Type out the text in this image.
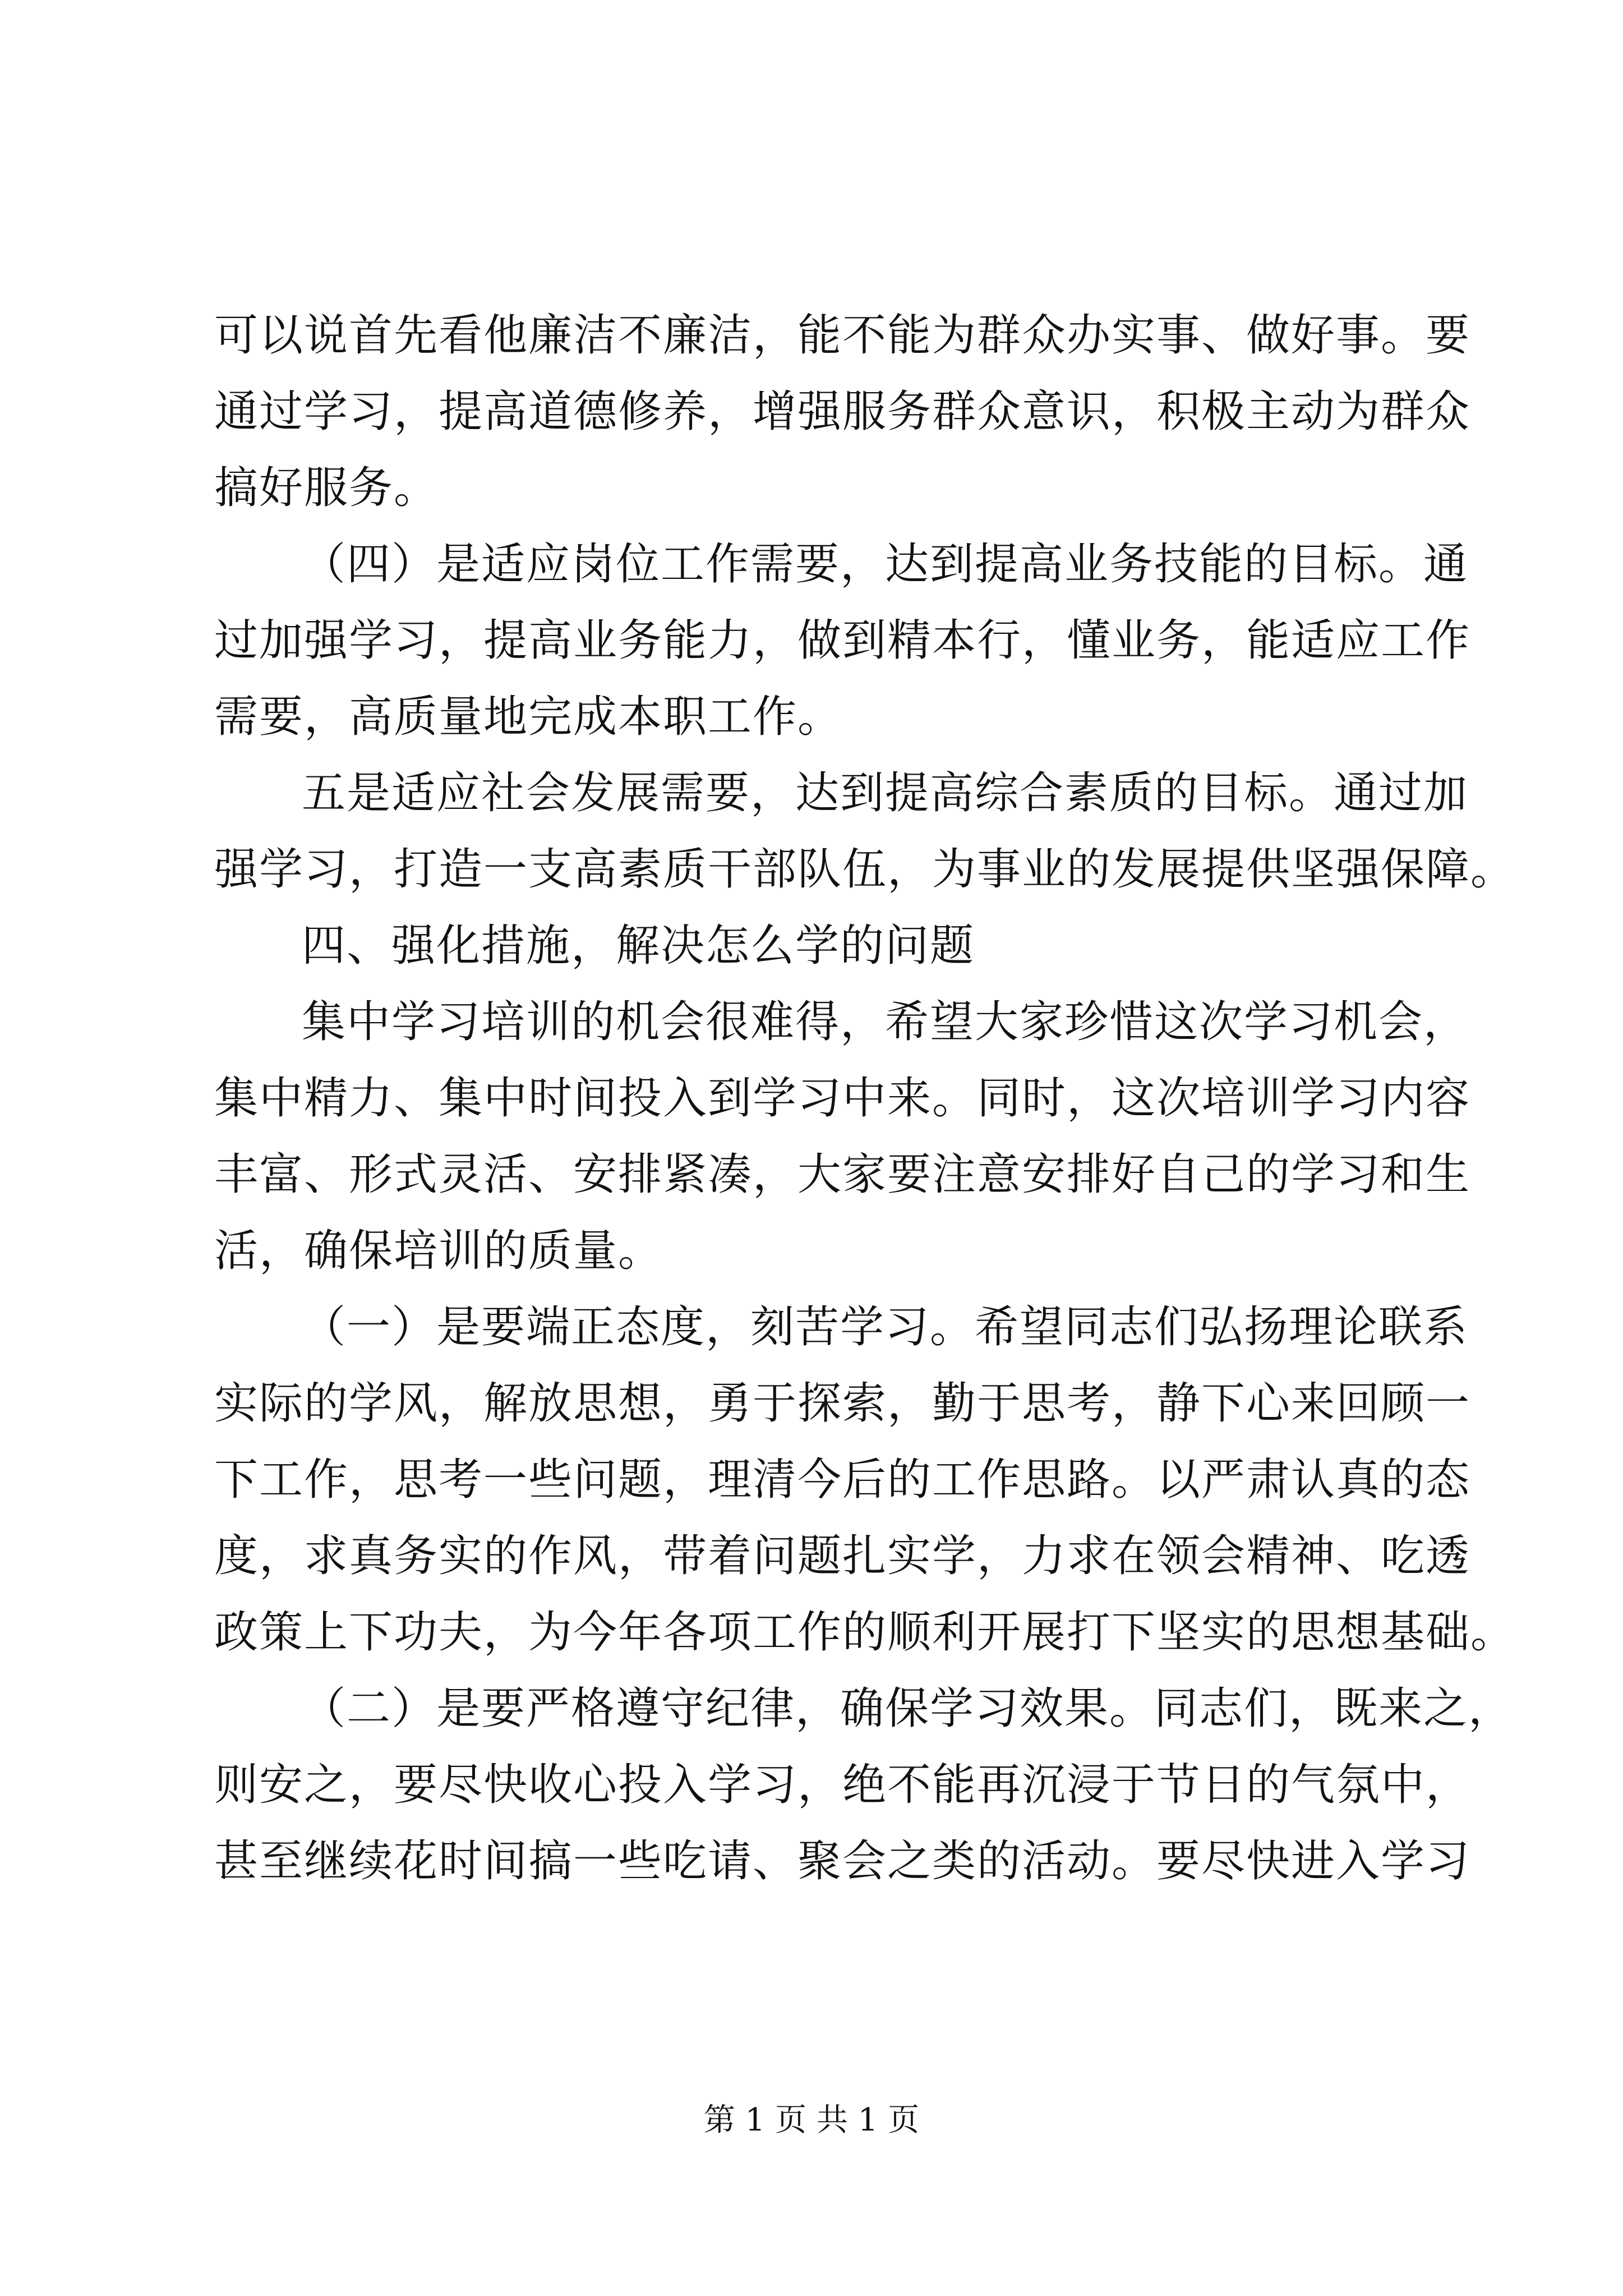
可以说首先看他廉洁不廉洁，能不能为群众办实事、做好事。要
通过学习，提高道德修养，增强服务群众意识，积极主动为群众
搞好服务。
（四）是适应岗位工作需要，达到提高业务技能的目标。通
过加强学习，提高业务能力，做到精本行，懂业务，能适应工作
需要，高质量地完成本职工作。
五是适应社会发展需要，达到提高综合素质的目标。通过加
强学习，打造一支高素质干部队伍，为事业的发展提供坚强保障。
四、强化措施，解决怎么学的问题
集中学习培训的机会很难得，希望大家珍惜这次学习机会，
集中精力、集中时间投入到学习中来。同时，这次培训学习内容
丰富、形式灵活、安排紧凑，大家要注意安排好自己的学习和生
活，确保培训的质量。
（一）是要端正态度，刻苦学习。希望同志们弘扬理论联系
实际的学风，解放思想，勇于探索，勤于思考，静下心来回顾一
下工作，思考一些问题，理清今后的工作思路。以严肃认真的态
度，求真务实的作风，带着问题扎实学，力求在领会精神、吃透
政策上下功夫，为今年各项工作的顺利开展打下坚实的思想基础。
（二）是要严格遵守纪律，确保学习效果。同志们，既来之，
则安之，要尽快收心投入学习，绝不能再沉浸于节日的气氛中，
甚至继续花时间搞一些吃请、聚会之类的活动。要尽快进入学习
第 1 页 共 1 页
